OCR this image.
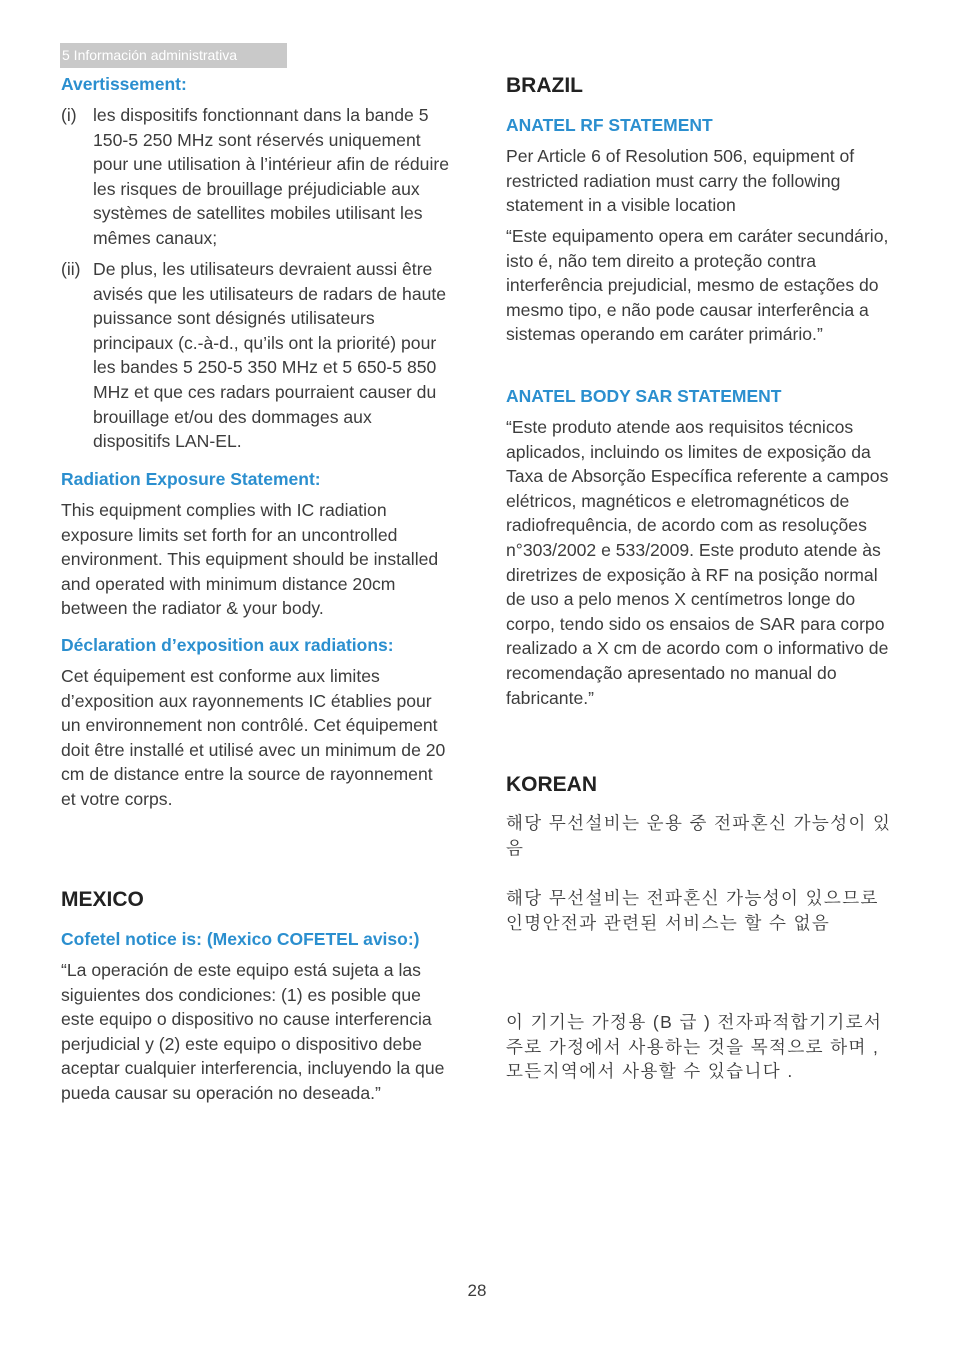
5 Información administrativa
Avertissement:
(i) les dispositifs fonctionnant dans la bande 5 150-5 250 MHz sont réservés uniquement pour une utilisation à l’intérieur afin de réduire les risques de brouillage préjudiciable aux systèmes de satellites mobiles utilisant les mêmes canaux;

(ii) De plus, les utilisateurs devraient aussi être avisés que les utilisateurs de radars de haute puissance sont désignés utilisateurs principaux (c.-à-d., qu’ils ont la priorité) pour les bandes 5 250-5 350 MHz et 5 650-5 850 MHz et que ces radars pourraient causer du brouillage et/ou des dommages aux dispositifs LAN-EL.

Radiation Exposure Statement:

This equipment complies with IC radiation exposure limits set forth for an uncontrolled environment. This equipment should be installed and operated with minimum distance 20cm between the radiator & your body.

Déclaration d’exposition aux radiations:

Cet équipement est conforme aux limites d’exposition aux rayonnements IC établies pour un environnement non contrôlé. Cet équipement doit être installé et utilisé avec un minimum de 20 cm de distance entre la source de rayonnement et votre corps.

MEXICO
Cofetel notice is: (Mexico COFETEL aviso:)

“La operación de este equipo está sujeta a las siguientes dos condiciones: (1) es posible que este equipo o dispositivo no cause interferencia perjudicial y (2) este equipo o dispositivo debe aceptar cualquier interferencia, incluyendo la que pueda causar su operación no deseada.”

BRAZIL
ANATEL RF STATEMENT

Per Article 6 of Resolution 506, equipment of restricted radiation must carry the following statement in a visible location

“Este equipamento opera em caráter secundário, isto é, não tem direito a proteção contra interferência prejudicial, mesmo de estações do mesmo tipo, e não pode causar interferência a sistemas operando em caráter primário.”

ANATEL BODY SAR STATEMENT

“Este produto atende aos requisitos técnicos aplicados, incluindo os limites de exposição da Taxa de Absorção Específica referente a campos elétricos, magnéticos e eletromagnéticos de radiofrequência, de acordo com as resoluções n°303/2002 e 533/2009. Este produto atende às diretrizes de exposição à RF na posição normal de uso a pelo menos X centímetros longe do corpo, tendo sido os ensaios de SAR para corpo realizado a X cm de acordo com o informativo de recomendação apresentado no manual do fabricante.”

KOREAN

해당 무선설비는 운용 중 전파혼신 가능성이 있음

해당 무선설비는 전파혼신 가능성이 있으므로 인명안전과 관련된 서비스는 할 수 없음

이 기기는 가정용 (B 급 ) 전자파적합기기로서 주로 가정에서 사용하는 것을 목적으로 하며 , 모든지역에서 사용할 수 있습니다 .

28
